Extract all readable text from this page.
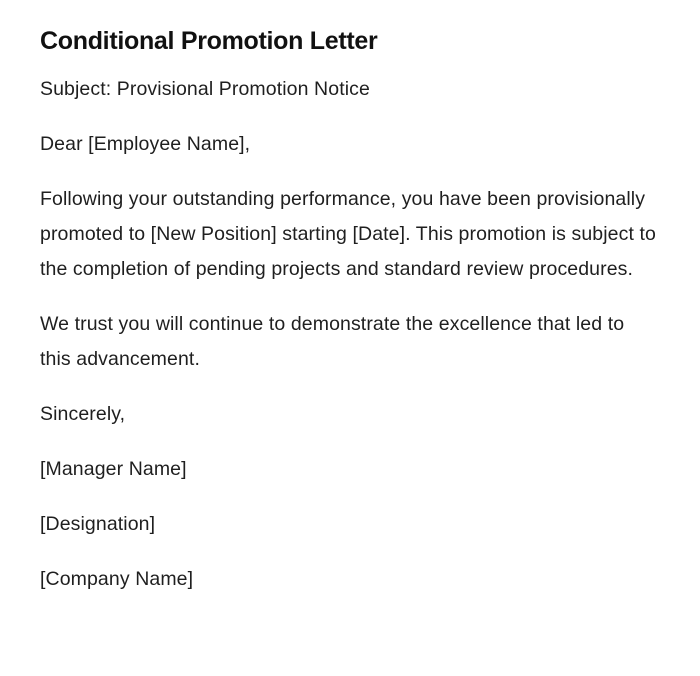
Conditional Promotion Letter

Subject: Provisional Promotion Notice

Dear [Employee Name],

Following your outstanding performance, you have been provisionally promoted to [New Position] starting [Date]. This promotion is subject to the completion of pending projects and standard review procedures.

We trust you will continue to demonstrate the excellence that led to this advancement.

Sincerely,

[Manager Name]

[Designation]

[Company Name]
